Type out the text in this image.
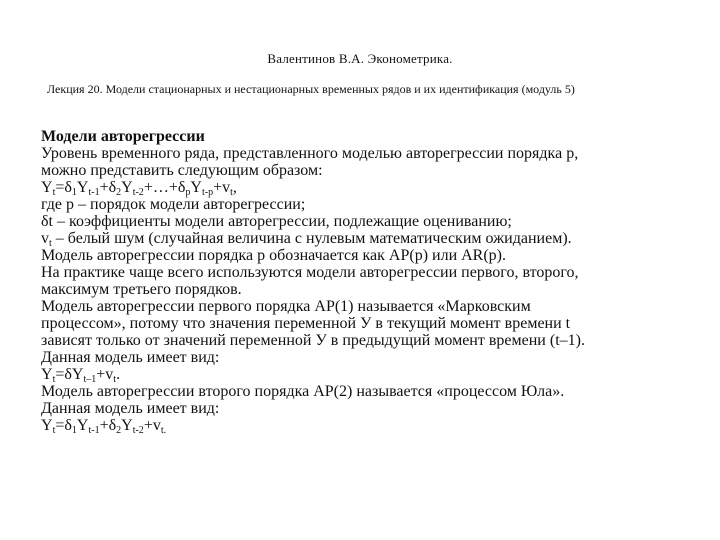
Валентинов В.А. Эконометрика.
Лекция 20. Модели стационарных и нестационарных временных рядов и их идентификация (модуль 5)
Модели авторегрессии
Уровень временного ряда, представленного моделью авторегрессии порядка p,
можно представить следующим образом:
$Y_t=\delta_1Y_{t-1}+\delta_2Y_{t-2}+\dots+\delta_pY_{t-p}+v_t$,
где p – порядок модели авторегрессии;
δt – коэффициенты модели авторегрессии, подлежащие оцениванию;
$v_t$ – белый шум (случайная величина с нулевым математическим ожиданием).
Модель авторегрессии порядка p обозначается как AP(p) или AR(p).
На практике чаще всего используются модели авторегрессии первого, второго,
максимум третьего порядков.
Модель авторегрессии первого порядка AP(1) называется «Марковским
процессом», потому что значения переменной У в текущий момент времени t
зависят только от значений переменной У в предыдущий момент времени (t–1).
Данная модель имеет вид:
$Y_t=\delta Y_{t-1}+v_t$.
Модель авторегрессии второго порядка AP(2) называется «процессом Юла».
Данная модель имеет вид:
$Y_t=\delta_1Y_{t-1}+\delta_2Y_{t-2}+v_{t.}$
